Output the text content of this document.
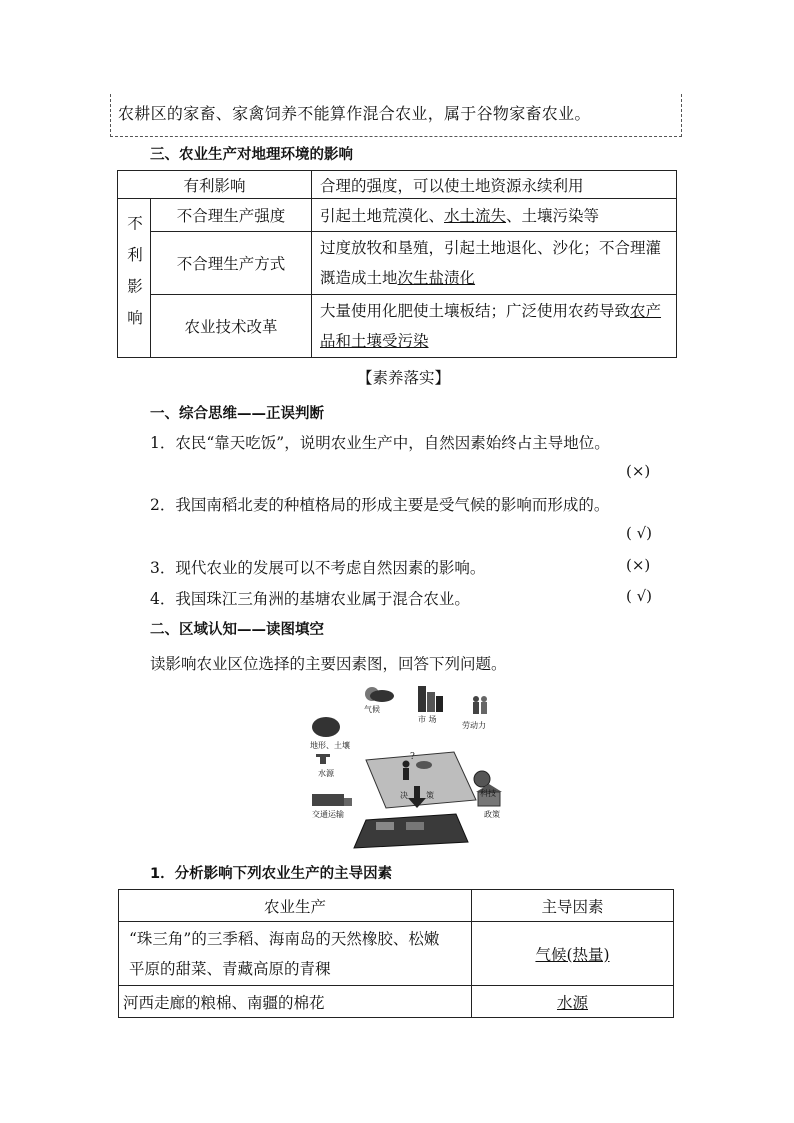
农耕区的家畜、家禽饲养不能算作混合农业，属于谷物家畜农业。
三、农业生产对地理环境的影响
有利影响		合理的强度，可以使土地资源永续利用

不利影响	不合理生产强度	引起土地荒漠化、水土流失、土壤污染等
	不合理生产方式	过度放牧和垦殖，引起土地退化、沙化；不合理灌
溉造成土地次生盐渍化
	农业技术改革	大量使用化肥使土壤板结；广泛使用农药导致农产
品和土壤受污染
【素养落实】
一、综合思维——正误判断
1．农民“靠天吃饭”，说明农业生产中，自然因素始终占主导地位。
(×)
2．我国南稻北麦的种植格局的形成主要是受气候的影响而形成的。
( √)
3．现代农业的发展可以不考虑自然因素的影响。	(×)
4．我国珠江三角洲的基塘农业属于混合农业。	( √)
二、区域认知——读图填空
读影响农业区位选择的主要因素图，回答下列问题。
?
气候
市 场
劳动力
地形、土壤
水源
科技
交通运输	政策
决 策
1．分析影响下列农业生产的主导因素
农业生产	主导因素
“珠三角”的三季稻、海南岛的天然橡胶、松嫩
平原的甜菜、青藏高原的青稞	气候(热量)
河西走廊的粮棉、南疆的棉花	水源
